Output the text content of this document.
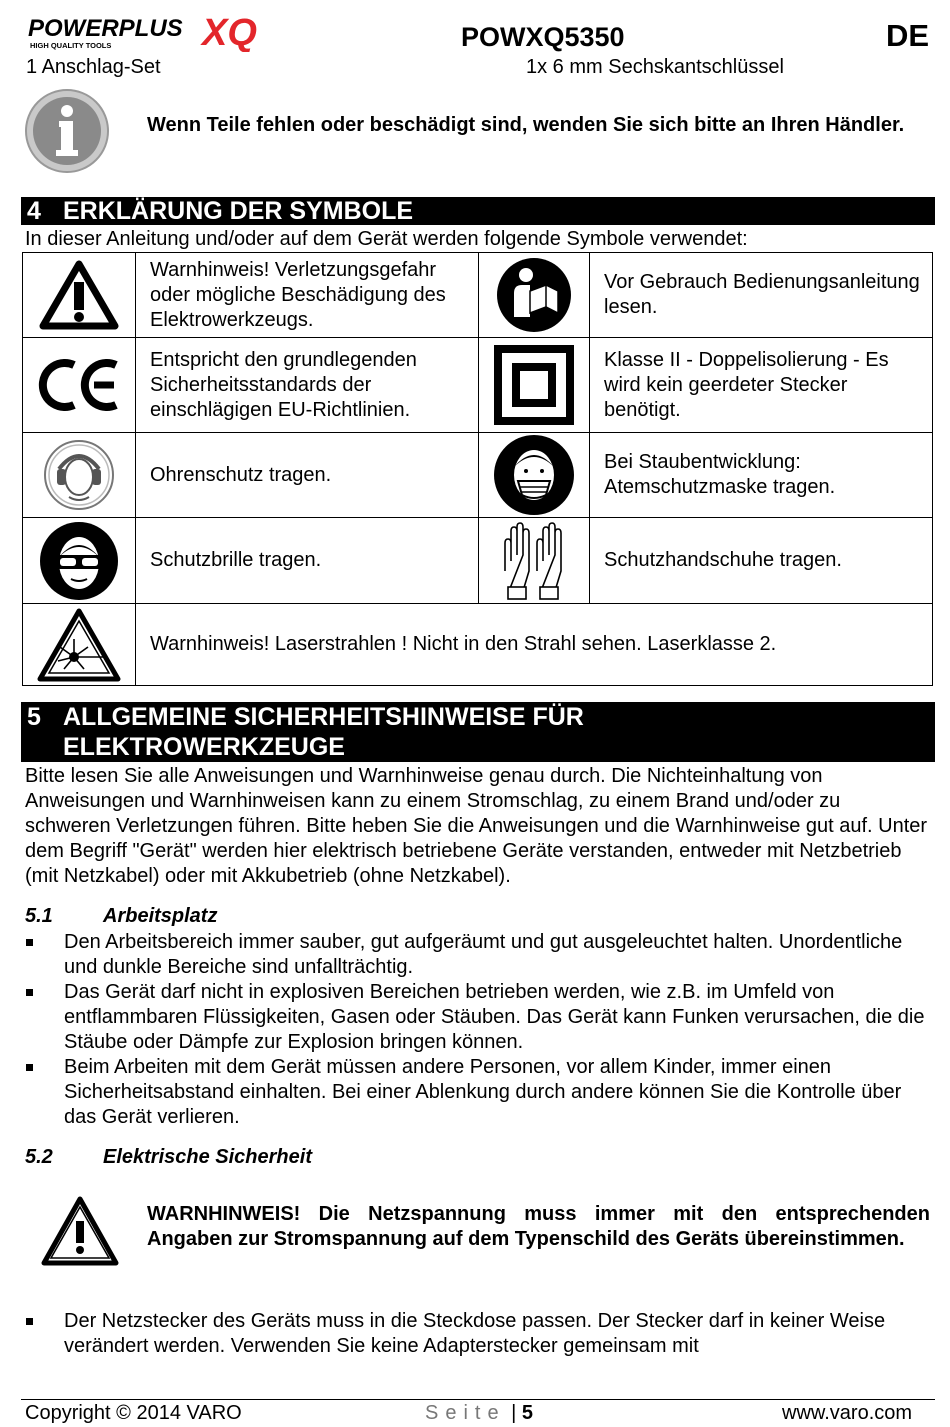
POWERPLUS
HIGH QUALITY TOOLS XQ	POWXQ5350	DE
1 Anschlag-Set	1x 6 mm Sechskantschlüssel
Wenn Teile fehlen oder beschädigt sind, wenden Sie sich bitte an Ihren Händler.
4 ERKLÄRUNG DER SYMBOLE
In dieser Anleitung und/oder auf dem Gerät werden folgende Symbole verwendet:
	Warnhinweis! Verletzungsgefahr oder mögliche Beschädigung des Elektrowerkzeugs.		Vor Gebrauch Bedienungsanleitung lesen.

	Entspricht den grundlegenden Sicherheitsstandards der einschlägigen EU-Richtlinien.		Klasse II - Doppelisolierung - Es wird kein geerdeter Stecker benötigt.

	Ohrenschutz tragen.		Bei Staubentwicklung: Atemschutzmaske tragen.

	Schutzbrille tragen.		Schutzhandschuhe tragen.

	Warnhinweis! Laserstrahlen ! Nicht in den Strahl sehen. Laserklasse 2.		
5 ALLGEMEINE SICHERHEITSHINWEISE FÜR
ELEKTROWERKZEUGE
Bitte lesen Sie alle Anweisungen und Warnhinweise genau durch. Die Nichteinhaltung von Anweisungen und Warnhinweisen kann zu einem Stromschlag, zu einem Brand und/oder zu schweren Verletzungen führen. Bitte heben Sie die Anweisungen und die Warnhinweise gut auf. Unter dem Begriff "Gerät" werden hier elektrisch betriebene Geräte verstanden, entweder mit Netzbetrieb (mit Netzkabel) oder mit Akkubetrieb (ohne Netzkabel).
5.1	Arbeitsplatz
Den Arbeitsbereich immer sauber, gut aufgeräumt und gut ausgeleuchtet halten. Unordentliche und dunkle Bereiche sind unfallträchtig.
Das Gerät darf nicht in explosiven Bereichen betrieben werden, wie z.B. im Umfeld von entflammbaren Flüssigkeiten, Gasen oder Stäuben. Das Gerät kann Funken verursachen, die die Stäube oder Dämpfe zur Explosion bringen können.
Beim Arbeiten mit dem Gerät müssen andere Personen, vor allem Kinder, immer einen Sicherheitsabstand einhalten. Bei einer Ablenkung durch andere können Sie die Kontrolle über das Gerät verlieren.
5.2	Elektrische Sicherheit
WARNHINWEIS! Die Netzspannung muss immer mit den entsprechenden Angaben zur Stromspannung auf dem Typenschild des Geräts übereinstimmen.
Der Netzstecker des Geräts muss in die Steckdose passen. Der Stecker darf in keiner Weise verändert werden. Verwenden Sie keine Adapterstecker gemeinsam mit
Copyright © 2014 VARO	Seite | 5	www.varo.com
